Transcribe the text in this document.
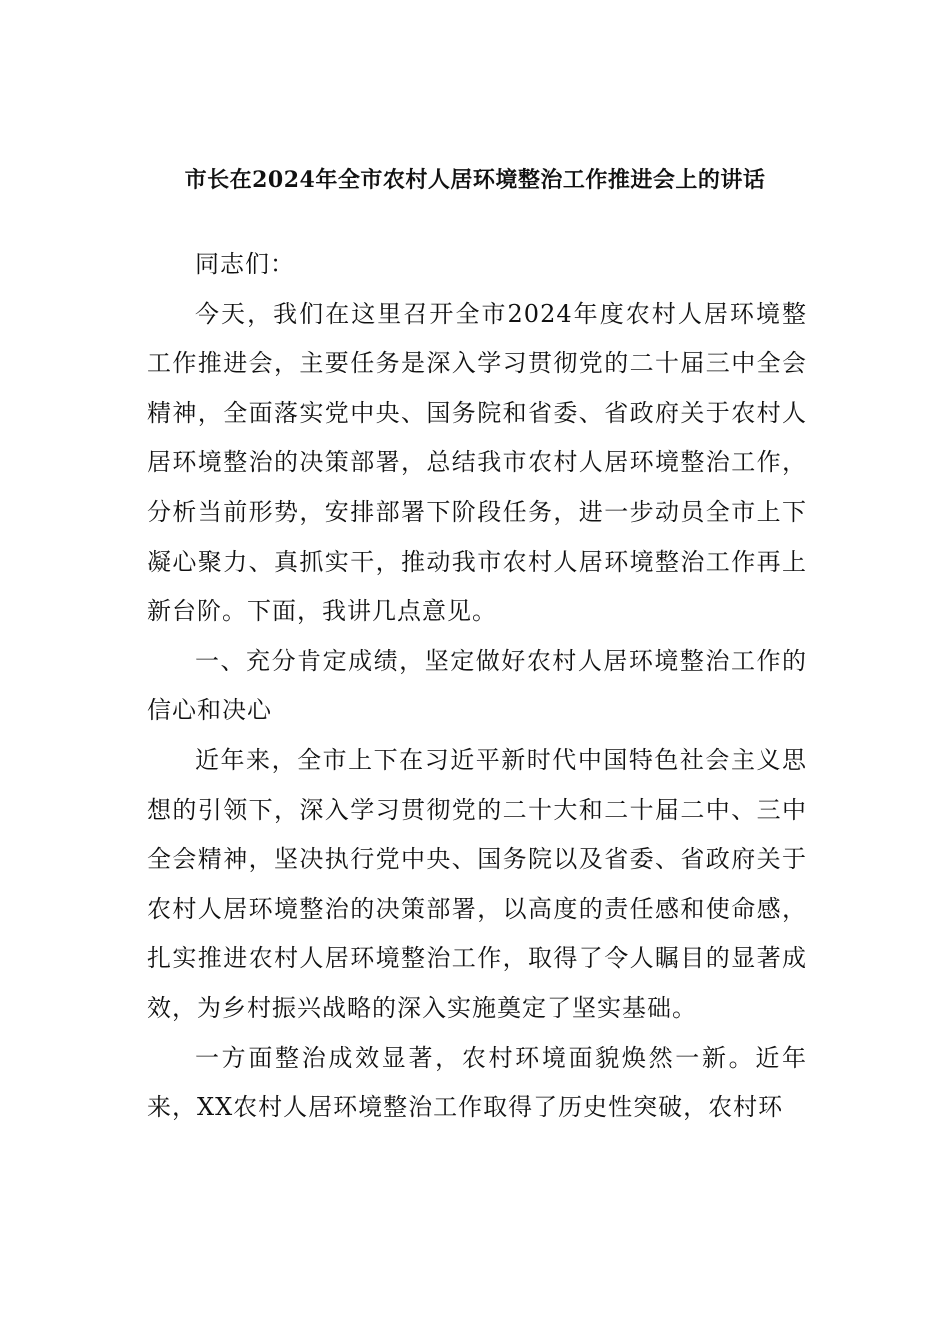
市长在2024年全市农村人居环境整治工作推进会上的讲话

同志们：

今天，我们在这里召开全市2024年度农村人居环境整工作推进会，主要任务是深入学习贯彻党的二十届三中全会精神，全面落实党中央、国务院和省委、省政府关于农村人居环境整治的决策部署，总结我市农村人居环境整治工作，分析当前形势，安排部署下阶段任务，进一步动员全市上下凝心聚力、真抓实干，推动我市农村人居环境整治工作再上新台阶。下面，我讲几点意见。

一、充分肯定成绩，坚定做好农村人居环境整治工作的信心和决心

近年来，全市上下在习近平新时代中国特色社会主义思想的引领下，深入学习贯彻党的二十大和二十届二中、三中全会精神，坚决执行党中央、国务院以及省委、省政府关于农村人居环境整治的决策部署，以高度的责任感和使命感，扎实推进农村人居环境整治工作，取得了令人瞩目的显著成效，为乡村振兴战略的深入实施奠定了坚实基础。

一方面整治成效显著，农村环境面貌焕然一新。近年来，XX农村人居环境整治工作取得了历史性突破，农村环
